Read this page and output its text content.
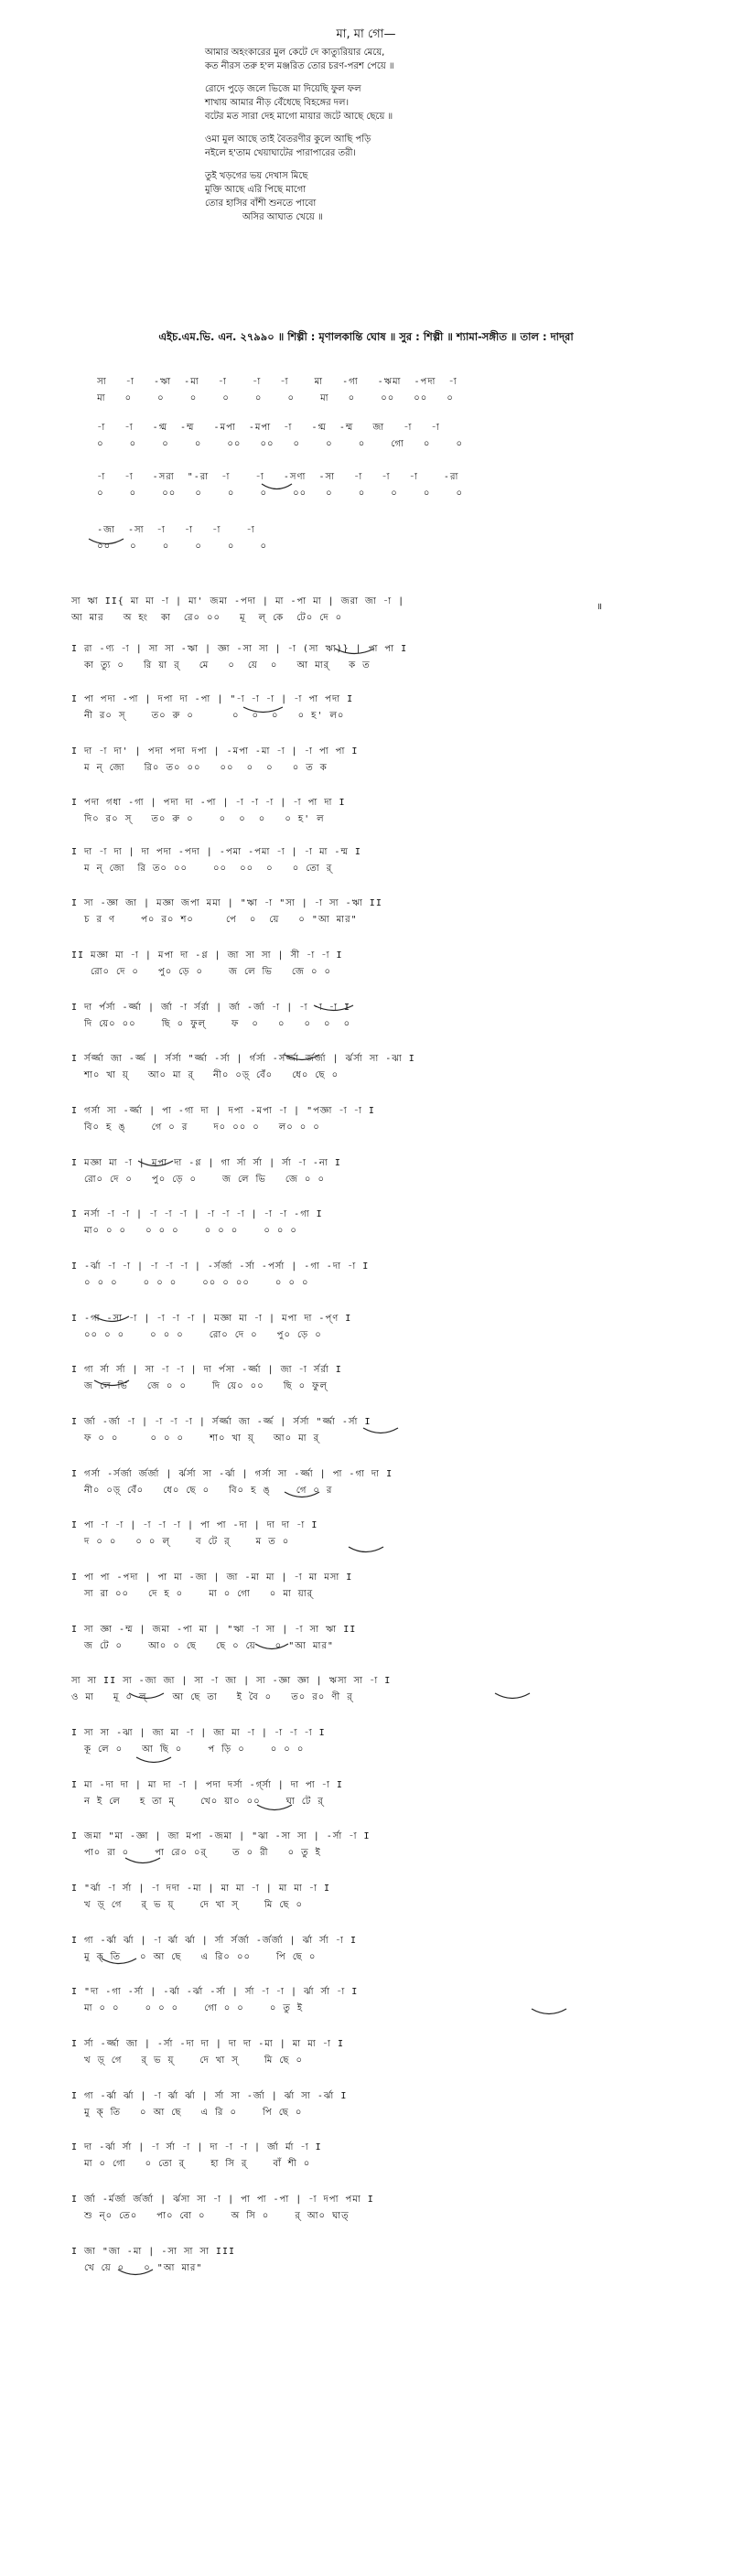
মা, মা গো—
আমার অহংকারের মুল কেটে দে কাত্যুরিয়ার মেয়ে,
কত নীরস তরু হ'ল মঞ্জরিত তোর চরণ-পরশ পেয়ে ॥
রোদে পুড়ে জলে ভিজে মা দিয়েছি ফুল ফল
শাখায় আমার নীড় বেঁধেছে বিহঙ্গের দল।
বটের মত সারা দেহ মাগো মায়ার জটে আছে ছেয়ে ॥
ওমা মুল আছে তাই বৈতরণীর কুলে আছি পড়ি
নইলে হ'তাম খেয়াঘাটের পারাপারের তরী।
তুই খড়গের ভয় দেখাস মিছে
মুক্তি আছে এরি পিছে মাগো
তোর হাসির বাঁশী শুনতে পাবো
অসির আঘাত খেয়ে ॥
এইচ.এম.ভি. এন. ২৭৯৯০ ॥ শিল্পী : মৃণালকান্তি ঘোষ ॥ সুর : শিল্পী ॥ শ্যামা-সঙ্গীত ॥ তাল : দাদ্‌রা
॥
সা   -া   -ঋা  -মা   -া    -া   -া    মা   -গা   -ঋমা  -পদা  -া
মা   ০    ০    ০    ০    ০    ০    মা   ০    ০০   ০০   ০
-া   -া   -গ্ম  -ম্ম   -মপা  -মপা  -া   -গ্ম  -ম্ম   জা   -া   -া
০    ০    ০    ০    ০০   ০০   ০    ০    ০    গো   ০    ০
-া   -া   -সরা  "-রা  -া    -া   -সণা  -সা   -া   -া   -া    -রা
০    ০    ০০   ০    ০    ০    ০০   ০    ০    ০    ০    ০
-জা  -সা  -া   -া   -া    -া
০০   ০    ০    ০    ০    ০
সা ঋা II{ মা মা -া | মা' জমা -পদা | মা -পা মা | জরা জা -া |
আ মার   অ হং  কা  রে০ ০০   মূ  ল্ কে  টে০ দে ০
I রা -ণ্য -া | সা সা -ঋা | জ্ঞা -সা সা | -া (সা ঋা)} | পা পা I
কা ত্যু ০   রি য়া র্   মে   ০  য়ে  ০   আ মার্   ক ত
I পা পদা -পা | দপা দা -পা | "-া -া -া | -া পা পদা I
নী র০ স্    ত০ রু ০      ০  ০  ০   ০ হ' ল০
I দা -া দা' | পদা পদা দপা | -মপা -মা -া | -া পা পা I
ম ন্ জো   রি০ ত০ ০০   ০০  ০  ০   ০ ত ক
I পদা গধা -গা | পদা দা -পা | -া -া -া | -া পা দা I
দি০ র০ স্   ত০ রু ০    ০  ০  ০   ০ হ' ল
I দা -া দা | দা পদা -পদা | -পমা -পমা -া | -া মা -ম্ম I
ম ন্ জো  রি ত০ ০০    ০০  ০০  ০   ০ তো র্
I সা -জ্ঞা জা | মজ্ঞা জপা মমা | "ঋা -া "সা | -া সা -ঋা II
চ র ণ    প০ র০ শ০     পে  ০  য়ে   ০ "আ মার"
II মজ্ঞা মা -া | মপা দা -ণ্ণ | জা সা সা | সী -া -া I
রো০ দে ০   পু০ ড়ে ০    জ লে ভি   জে ০ ০
I দা র্পর্সা -র্জ্জা | র্জা -া র্সর্রা | র্জা -র্জা -া | -া -া -া I
দি য়ে০ ০০    ছি ০ ফুল্    ফ  ০   ০   ০  ০  ০
I র্সর্জ্জা জা -র্জ্জ | র্সর্সা "র্জ্জা -র্সা | র্গর্সা -র্সর্জ্জা র্জর্জা | র্ঝর্সা সা -ঝা I
শা০ খা য়্   আ০ মা র্   নী০ ০ড়্ বেঁ০   ধে০ ছে ০
I গর্সা সা -র্জ্জা | পা -গা দা | দপা -মপা -া | "পজ্ঞা -া -া I
বি০ হ ঙ্    গে ০ র    দ০ ০০ ০   ল০ ০ ০
I মজ্ঞা মা -া | মপা দা -ণ্ণ | গা র্সা র্সা | র্সা -া -না I
রো০ দে ০   পু০ ড়ে ০    জ লে ভি   জে ০ ০
I নর্সা -া -া | -া -া -া | -া -া -া | -া -া -গা I
মা০ ০ ০   ০ ০ ০    ০ ০ ০    ০ ০ ০
I -র্ঝা -া -া | -া -া -া | -র্সর্জা -র্সা -পর্সা | -গা -দা -া I
০ ০ ০    ০ ০ ০    ০০ ০ ০০    ০ ০ ০
I -গা -সা -া | -া -া -া | মজ্ঞা মা -া | মপা দা -প্ণ I
০০ ০ ০    ০ ০ ০    রো০ দে ০   পু০ ড়ে ০
I গা র্সা র্সা | সা -া -া | দা র্পসা -র্জ্জা | জা -া র্সর্রা I
জ লে ভি   জে ০ ০    দি য়ে০ ০০   ছি ০ ফুল্
I র্জা -র্জা -া | -া -া -া | র্সর্জ্জা জা -র্জ্জ | র্সর্সা "র্জ্জা -র্সা I
ফ ০ ০     ০ ০ ০    শা০ খা য়্   আ০ মা র্
I গর্সা -র্সর্জা র্জর্জা | র্ঝর্সা সা -র্ঝা | গর্সা সা -র্জ্জা | পা -গা দা I
নী০ ০ড়্ বেঁ০   ধে০ ছে ০   বি০ হ ঙ্    গে ০ র
I পা -া -া | -া -া -া | পা পা -দা | দা দা -া I
দ ০ ০   ০ ০ ল্    ব টে র্    ম ত ০
I পা পা -পদা | পা মা -জা | জা -মা মা | -া মা মসা I
সা রা ০০   দে হ ০    মা ০ গো   ০ মা য়ার্
I সা জ্ঞা -ম্ম | জমা -পা মা | "ঋা -া সা | -া সা ঋা II
জ টে ০    আ০ ০ ছে   ছে ০ য়ে   ০ "আ মার"
সা সা II সা -জা জা | সা -া জা | সা -জ্ঞা জ্ঞা | ঋসা সা -া I
ও মা   মূ ০ ল্    আ ছে তা   ই বৈ ০   ত০ র০ ণী র্
I সা সা -ঝা | জা মা -া | জা মা -া | -া -া -া I
কূ লে ০   আ ছি ০    প ড়ি ০    ০ ০ ০
I মা -দা দা | মা দা -া | পদা দর্সা -র্গ্সা | দা পা -া I
ন ই লে   হ তা ম্    খে০ য়া০ ০০    ঘা টে র্
I জমা "মা -জ্ঞা | জা মপা -জমা | "ঝা -সা সা | -র্সা -া I
পা০ রা ০    পা রে০ ০র্    ত ০ রী   ০ তু ই
I "র্ঝা -া র্সা | -া দদা -মা | মা মা -া | মা মা -া I
খ ড়্ গে   র্ ভ য়্    দে খা স্    মি ছে ০
I গা -র্ঝা র্ঝা | -া র্ঝা র্ঝা | র্সা র্সর্জা -র্জর্জা | র্ঝা র্সা -া I
মু ক্ তি   ০ আ ছে   এ রি০ ০০    পি ছে ০
I "দা -গা -র্সা | -র্ঝা -র্ঝা -র্সা | র্সা -া -া | র্ঝা র্সা -া I
মা ০ ০    ০ ০ ০    গো ০ ০    ০ তু ই
I র্সা -র্জ্জা জা | -র্সা -দা দা | দা দা -মা | মা মা -া I
খ ড়্ গে   র্ ভ য়্    দে খা স্    মি ছে ০
I গা -র্ঝা র্ঝা | -া র্ঝা র্ঝা | র্সা সা -র্জা | র্ঝা সা -র্ঝা I
মু ক্ তি   ০ আ ছে   এ রি ০    পি ছে ০
I দা -র্ঝা র্সা | -া র্সা -া | দা -া -া | র্জা র্মা -া I
মা ০ গো   ০ তো র্    হা সি র্    বাঁ শী ০
I র্জা -র্মর্জা র্জর্জা | র্ঝসা সা -া | পা পা -পা | -া দপা পমা I
শু ন্০ তে০   পা০ বো ০    অ সি ০    র্ আ০ ঘাত্
I জা "জা -মা | -সা সা সা III
খে য়ে ০   ০ "আ মার"
